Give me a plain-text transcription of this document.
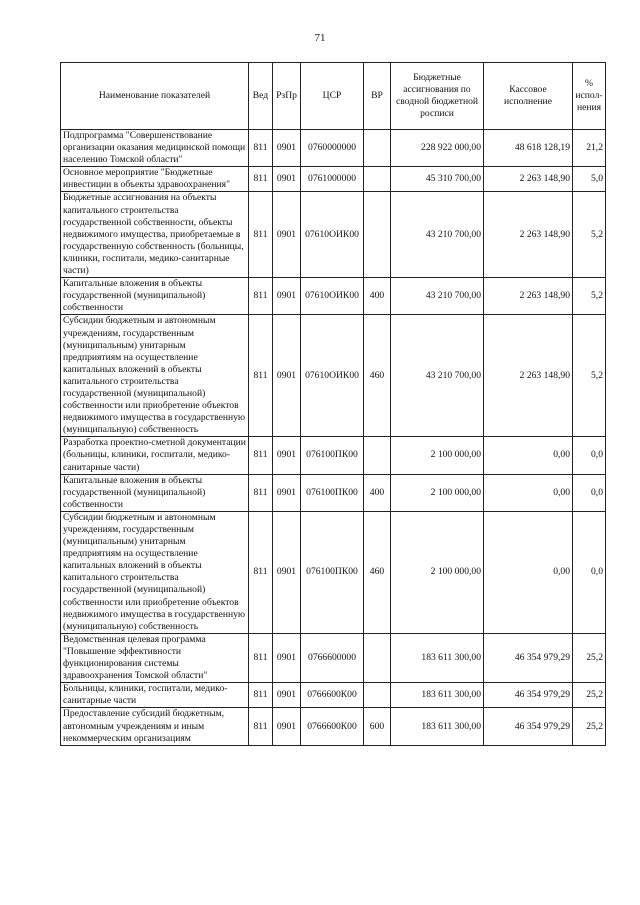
71
Наименование показателей	Вед	РзПр	ЦСР	ВР	Бюджетные ассигнования по сводной бюджетной росписи	Кассовое исполнение	% испол-нения
Подпрограмма "Совершенствование организации оказания медицинской помощи населению Томской области"	811	0901	0760000000		228 922 000,00	48 618 128,19	21,2
Основное мероприятие "Бюджетные инвестиции в объекты здравоохранения"	811	0901	0761000000		45 310 700,00	2 263 148,90	5,0
Бюджетные ассигнования на объекты капитального строительства государственной собственности, объекты недвижимого имущества, приобретаемые в государственную собственность (больницы, клиники, госпитали, медико-санитарные части)	811	0901	07610ОИК00		43 210 700,00	2 263 148,90	5,2
Капитальные вложения в объекты государственной (муниципальной) собственности	811	0901	07610ОИК00	400	43 210 700,00	2 263 148,90	5,2
Субсидии бюджетным и автономным учреждениям, государственным (муниципальным) унитарным предприятиям на осуществление капитальных вложений в объекты капитального строительства государственной (муниципальной) собственности или приобретение объектов недвижимого имущества в государственную (муниципальную) собственность	811	0901	07610ОИК00	460	43 210 700,00	2 263 148,90	5,2
Разработка проектно-сметной документации (больницы, клиники, госпитали, медико-санитарные части)	811	0901	076100ПК00		2 100 000,00	0,00	0,0
Капитальные вложения в объекты государственной (муниципальной) собственности	811	0901	076100ПК00	400	2 100 000,00	0,00	0,0
Субсидии бюджетным и автономным учреждениям, государственным (муниципальным) унитарным предприятиям на осуществление капитальных вложений в объекты капитального строительства государственной (муниципальной) собственности или приобретение объектов недвижимого имущества в государственную (муниципальную) собственность	811	0901	076100ПК00	460	2 100 000,00	0,00	0,0
Ведомственная целевая программа "Повышение эффективности функционирования системы здравоохранения Томской области"	811	0901	0766600000		183 611 300,00	46 354 979,29	25,2
Больницы, клиники, госпитали, медико-санитарные части	811	0901	0766600К00		183 611 300,00	46 354 979,29	25,2
Предоставление субсидий бюджетным, автономным учреждениям и иным некоммерческим организациям	811	0901	0766600К00	600	183 611 300,00	46 354 979,29	25,2
